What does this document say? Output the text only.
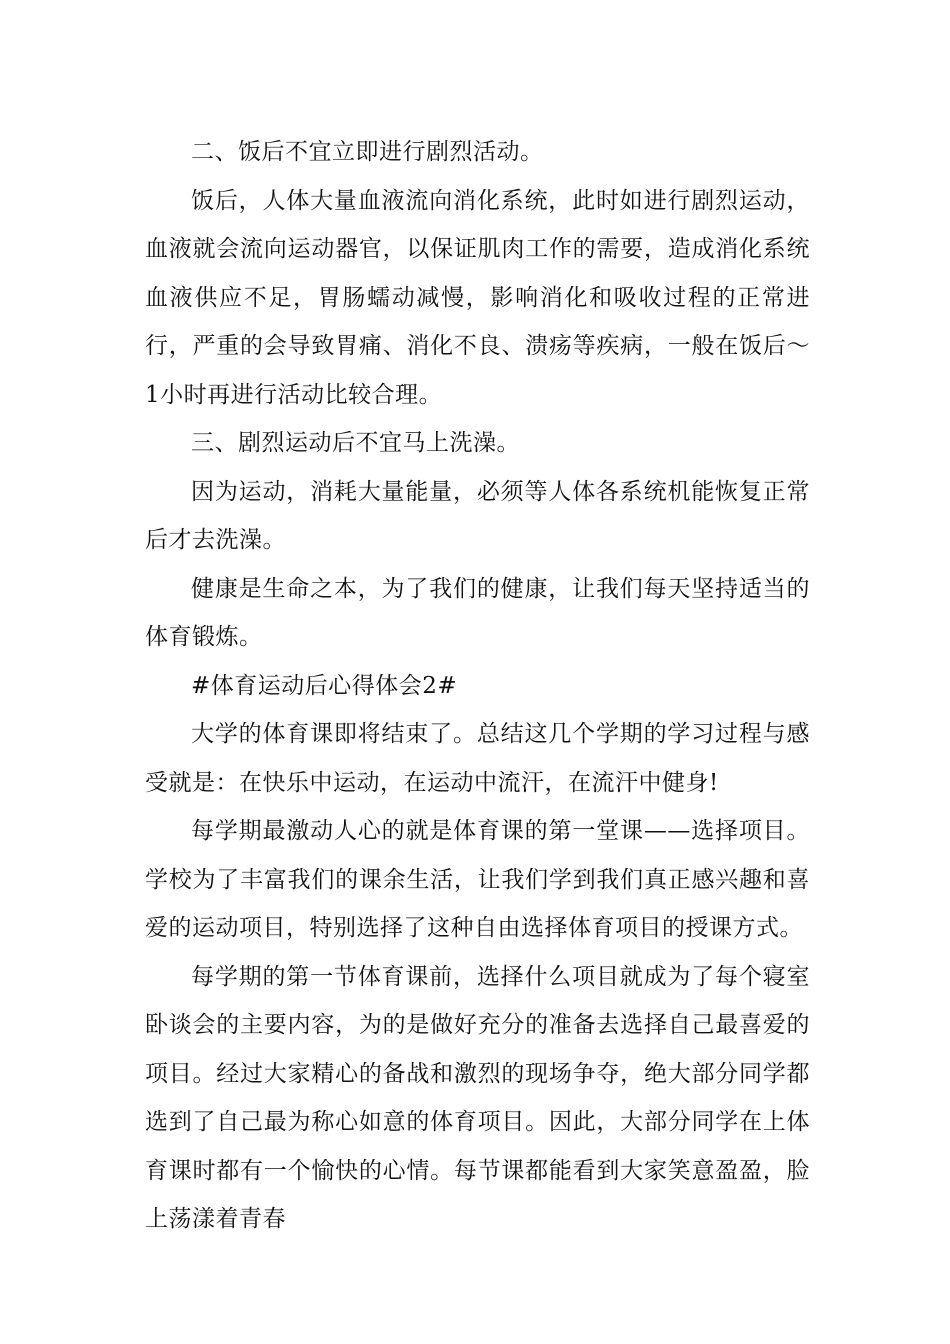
二、饭后不宜立即进行剧烈活动。

饭后，人体大量血液流向消化系统，此时如进行剧烈运动，血液就会流向运动器官，以保证肌肉工作的需要，造成消化系统血液供应不足，胃肠蠕动减慢，影响消化和吸收过程的正常进行，严重的会导致胃痛、消化不良、溃疡等疾病，一般在饭后～1小时再进行活动比较合理。

三、剧烈运动后不宜马上洗澡。

因为运动，消耗大量能量，必须等人体各系统机能恢复正常后才去洗澡。

健康是生命之本，为了我们的健康，让我们每天坚持适当的体育锻炼。

#体育运动后心得体会2#

大学的体育课即将结束了。总结这几个学期的学习过程与感受就是：在快乐中运动，在运动中流汗，在流汗中健身!

每学期最激动人心的就是体育课的第一堂课——选择项目。学校为了丰富我们的课余生活，让我们学到我们真正感兴趣和喜爱的运动项目，特别选择了这种自由选择体育项目的授课方式。

每学期的第一节体育课前，选择什么项目就成为了每个寝室卧谈会的主要内容，为的是做好充分的准备去选择自己最喜爱的项目。经过大家精心的备战和激烈的现场争夺，绝大部分同学都选到了自己最为称心如意的体育项目。因此，大部分同学在上体育课时都有一个愉快的心情。每节课都能看到大家笑意盈盈，脸上荡漾着青春
